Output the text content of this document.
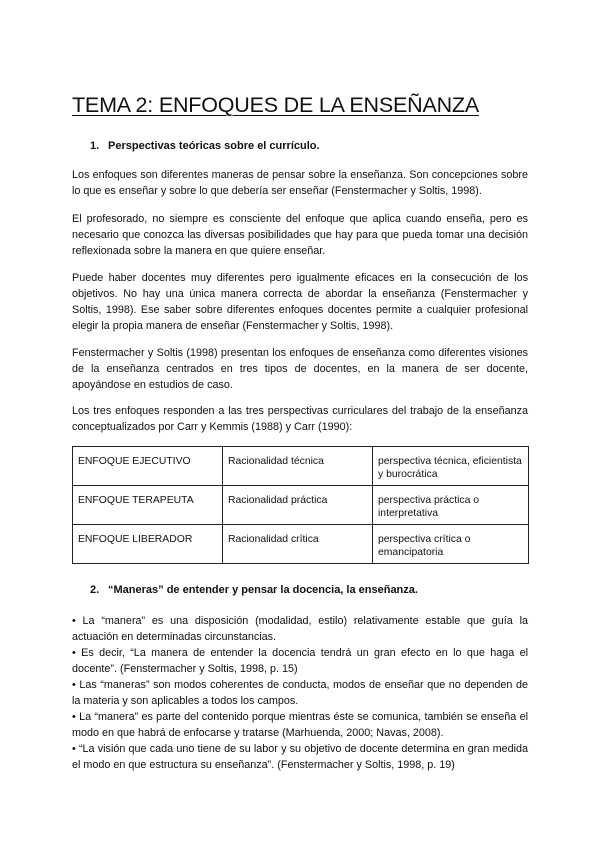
TEMA 2: ENFOQUES DE LA ENSEÑANZA
1. Perspectivas teóricas sobre el currículo.

Los enfoques son diferentes maneras de pensar sobre la enseñanza. Son concepciones sobre lo que es enseñar y sobre lo que debería ser enseñar (Fenstermacher y Soltis, 1998).

El profesorado, no siempre es consciente del enfoque que aplica cuando enseña, pero es necesario que conozca las diversas posibilidades que hay para que pueda tomar una decisión reflexionada sobre la manera en que quiere enseñar.

Puede haber docentes muy diferentes pero igualmente eficaces en la consecución de los objetivos. No hay una única manera correcta de abordar la enseñanza (Fenstermacher y Soltis, 1998). Ese saber sobre diferentes enfoques docentes permite a cualquier profesional elegir la propia manera de enseñar (Fenstermacher y Soltis, 1998).

Fenstermacher y Soltis (1998) presentan los enfoques de enseñanza como diferentes visiones de la enseñanza centrados en tres tipos de docentes, en la manera de ser docente, apoyándose en estudios de caso.

Los tres enfoques responden a las tres perspectivas curriculares del trabajo de la enseñanza conceptualizados por Carr y Kemmis (1988) y Carr (1990):

ENFOQUE EJECUTIVO	Racionalidad técnica	perspectiva técnica, eficientista y burocrática
ENFOQUE TERAPEUTA	Racionalidad práctica	perspectiva práctica o interpretativa
ENFOQUE LIBERADOR	Racionalidad crítica	perspectiva crítica o emancipatoria
2. “Maneras” de entender y pensar la docencia, la enseñanza.
• La “manera” es una disposición (modalidad, estilo) relativamente estable que guía la actuación en determinadas circunstancias.
• Es decir, “La manera de entender la docencia tendrá un gran efecto en lo que haga el docente”. (Fenstermacher y Soltis, 1998, p. 15)
• Las “maneras” son modos coherentes de conducta, modos de enseñar que no dependen de la materia y son aplicables a todos los campos.
• La “manera” es parte del contenido porque mientras éste se comunica, también se enseña el modo en que habrá de enfocarse y tratarse (Marhuenda, 2000; Navas, 2008).
• “La visión que cada uno tiene de su labor y su objetivo de docente determina en gran medida el modo en que estructura su enseñanza”. (Fenstermacher y Soltis, 1998, p. 19)
